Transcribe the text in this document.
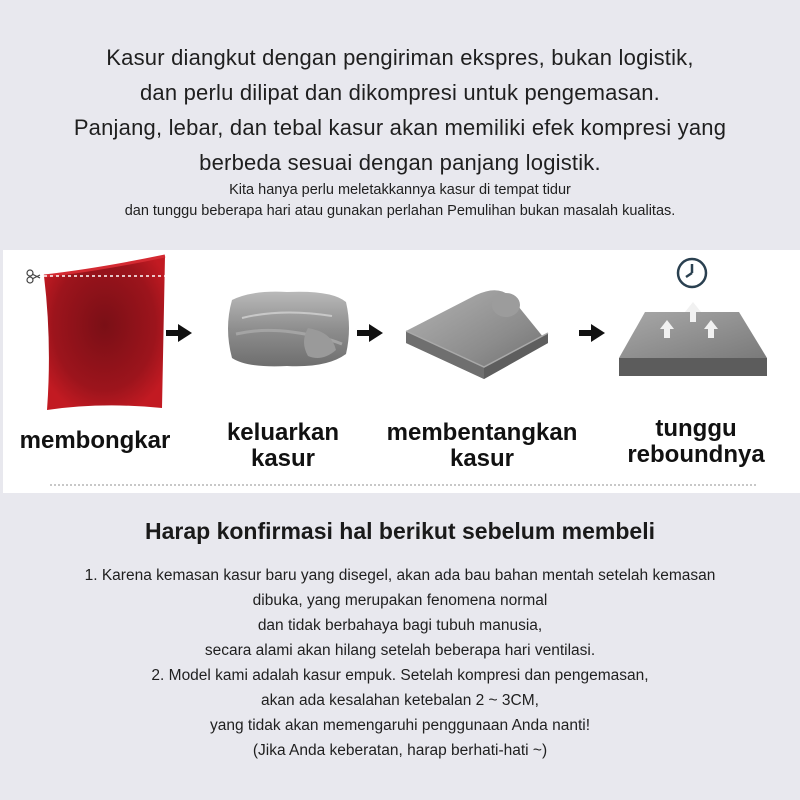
Kasur diangkut dengan pengiriman ekspres, bukan logistik,
dan perlu dilipat dan dikompresi untuk pengemasan.
Panjang, lebar, dan tebal kasur akan memiliki efek kompresi yang
berbeda sesuai dengan panjang logistik.
Kita hanya perlu meletakkannya kasur di tempat tidur
dan tunggu beberapa hari atau gunakan perlahan Pemulihan bukan masalah kualitas.
membongkar	keluarkan
kasur
membentangkan
kasur
tunggu
reboundnya
Harap konfirmasi hal berikut sebelum membeli
1. Karena kemasan kasur baru yang disegel, akan ada bau bahan mentah setelah kemasan
dibuka, yang merupakan fenomena normal
dan tidak berbahaya bagi tubuh manusia,
secara alami akan hilang setelah beberapa hari ventilasi.
2. Model kami adalah kasur empuk. Setelah kompresi dan pengemasan,
akan ada kesalahan ketebalan 2 ~ 3CM,
yang tidak akan memengaruhi penggunaan Anda nanti!
(Jika Anda keberatan, harap berhati-hati ~)
